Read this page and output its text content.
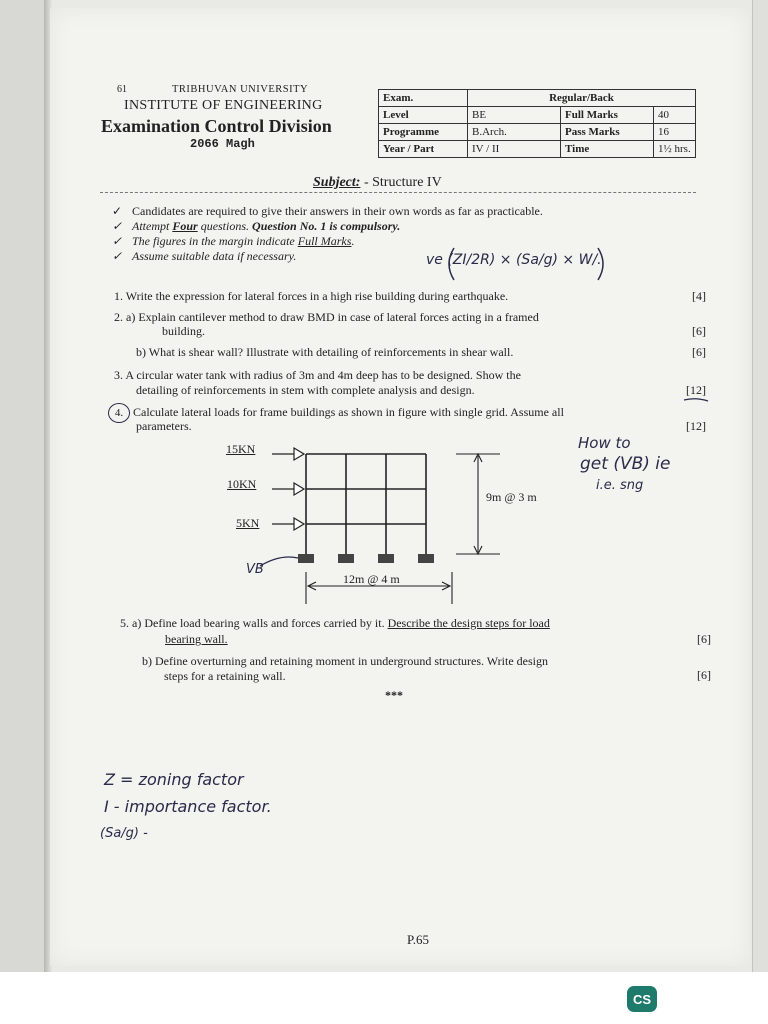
61	TRIBHUVAN UNIVERSITY
INSTITUTE OF ENGINEERING
Examination Control Division
2066 Magh
Exam.	Regular/Back		
Level	BE	Full Marks	40
Programme	B.Arch.	Pass Marks	16
Year / Part	IV / II	Time	1½ hrs.
Subject: - Structure IV
✓ Candidates are required to give their answers in their own words as far as practicable.
✓ Attempt Four questions. Question No. 1 is compulsory.
✓ The figures in the margin indicate Full Marks.
✓ Assume suitable data if necessary.	ve (ZI/2R) × (Sa/g) × W/.
1. Write the expression for lateral forces in a high rise building during earthquake.	[4]
2. a) Explain cantilever method to draw BMD in case of lateral forces acting in a framed
building.	[6]
b) What is shear wall? Illustrate with detailing of reinforcements in shear wall.	[6]
3. A circular water tank with radius of 3m and 4m deep has to be designed. Show the
detailing of reinforcements in stem with complete analysis and design.	[12]
4. Calculate lateral loads for frame buildings as shown in figure with single grid. Assume all
parameters.	[12]
15KN
10KN
5KN
9m @ 3 m
12m @ 4 m
VB
How to
get (VB) ie
i.e. sng
5. a) Define load bearing walls and forces carried by it. Describe the design steps for load
bearing wall.	[6]
b) Define overturning and retaining moment in underground structures. Write design
steps for a retaining wall.	[6]
***
Z = zoning factor
I - importance factor.
(Sa/g) -
P.65
CS
